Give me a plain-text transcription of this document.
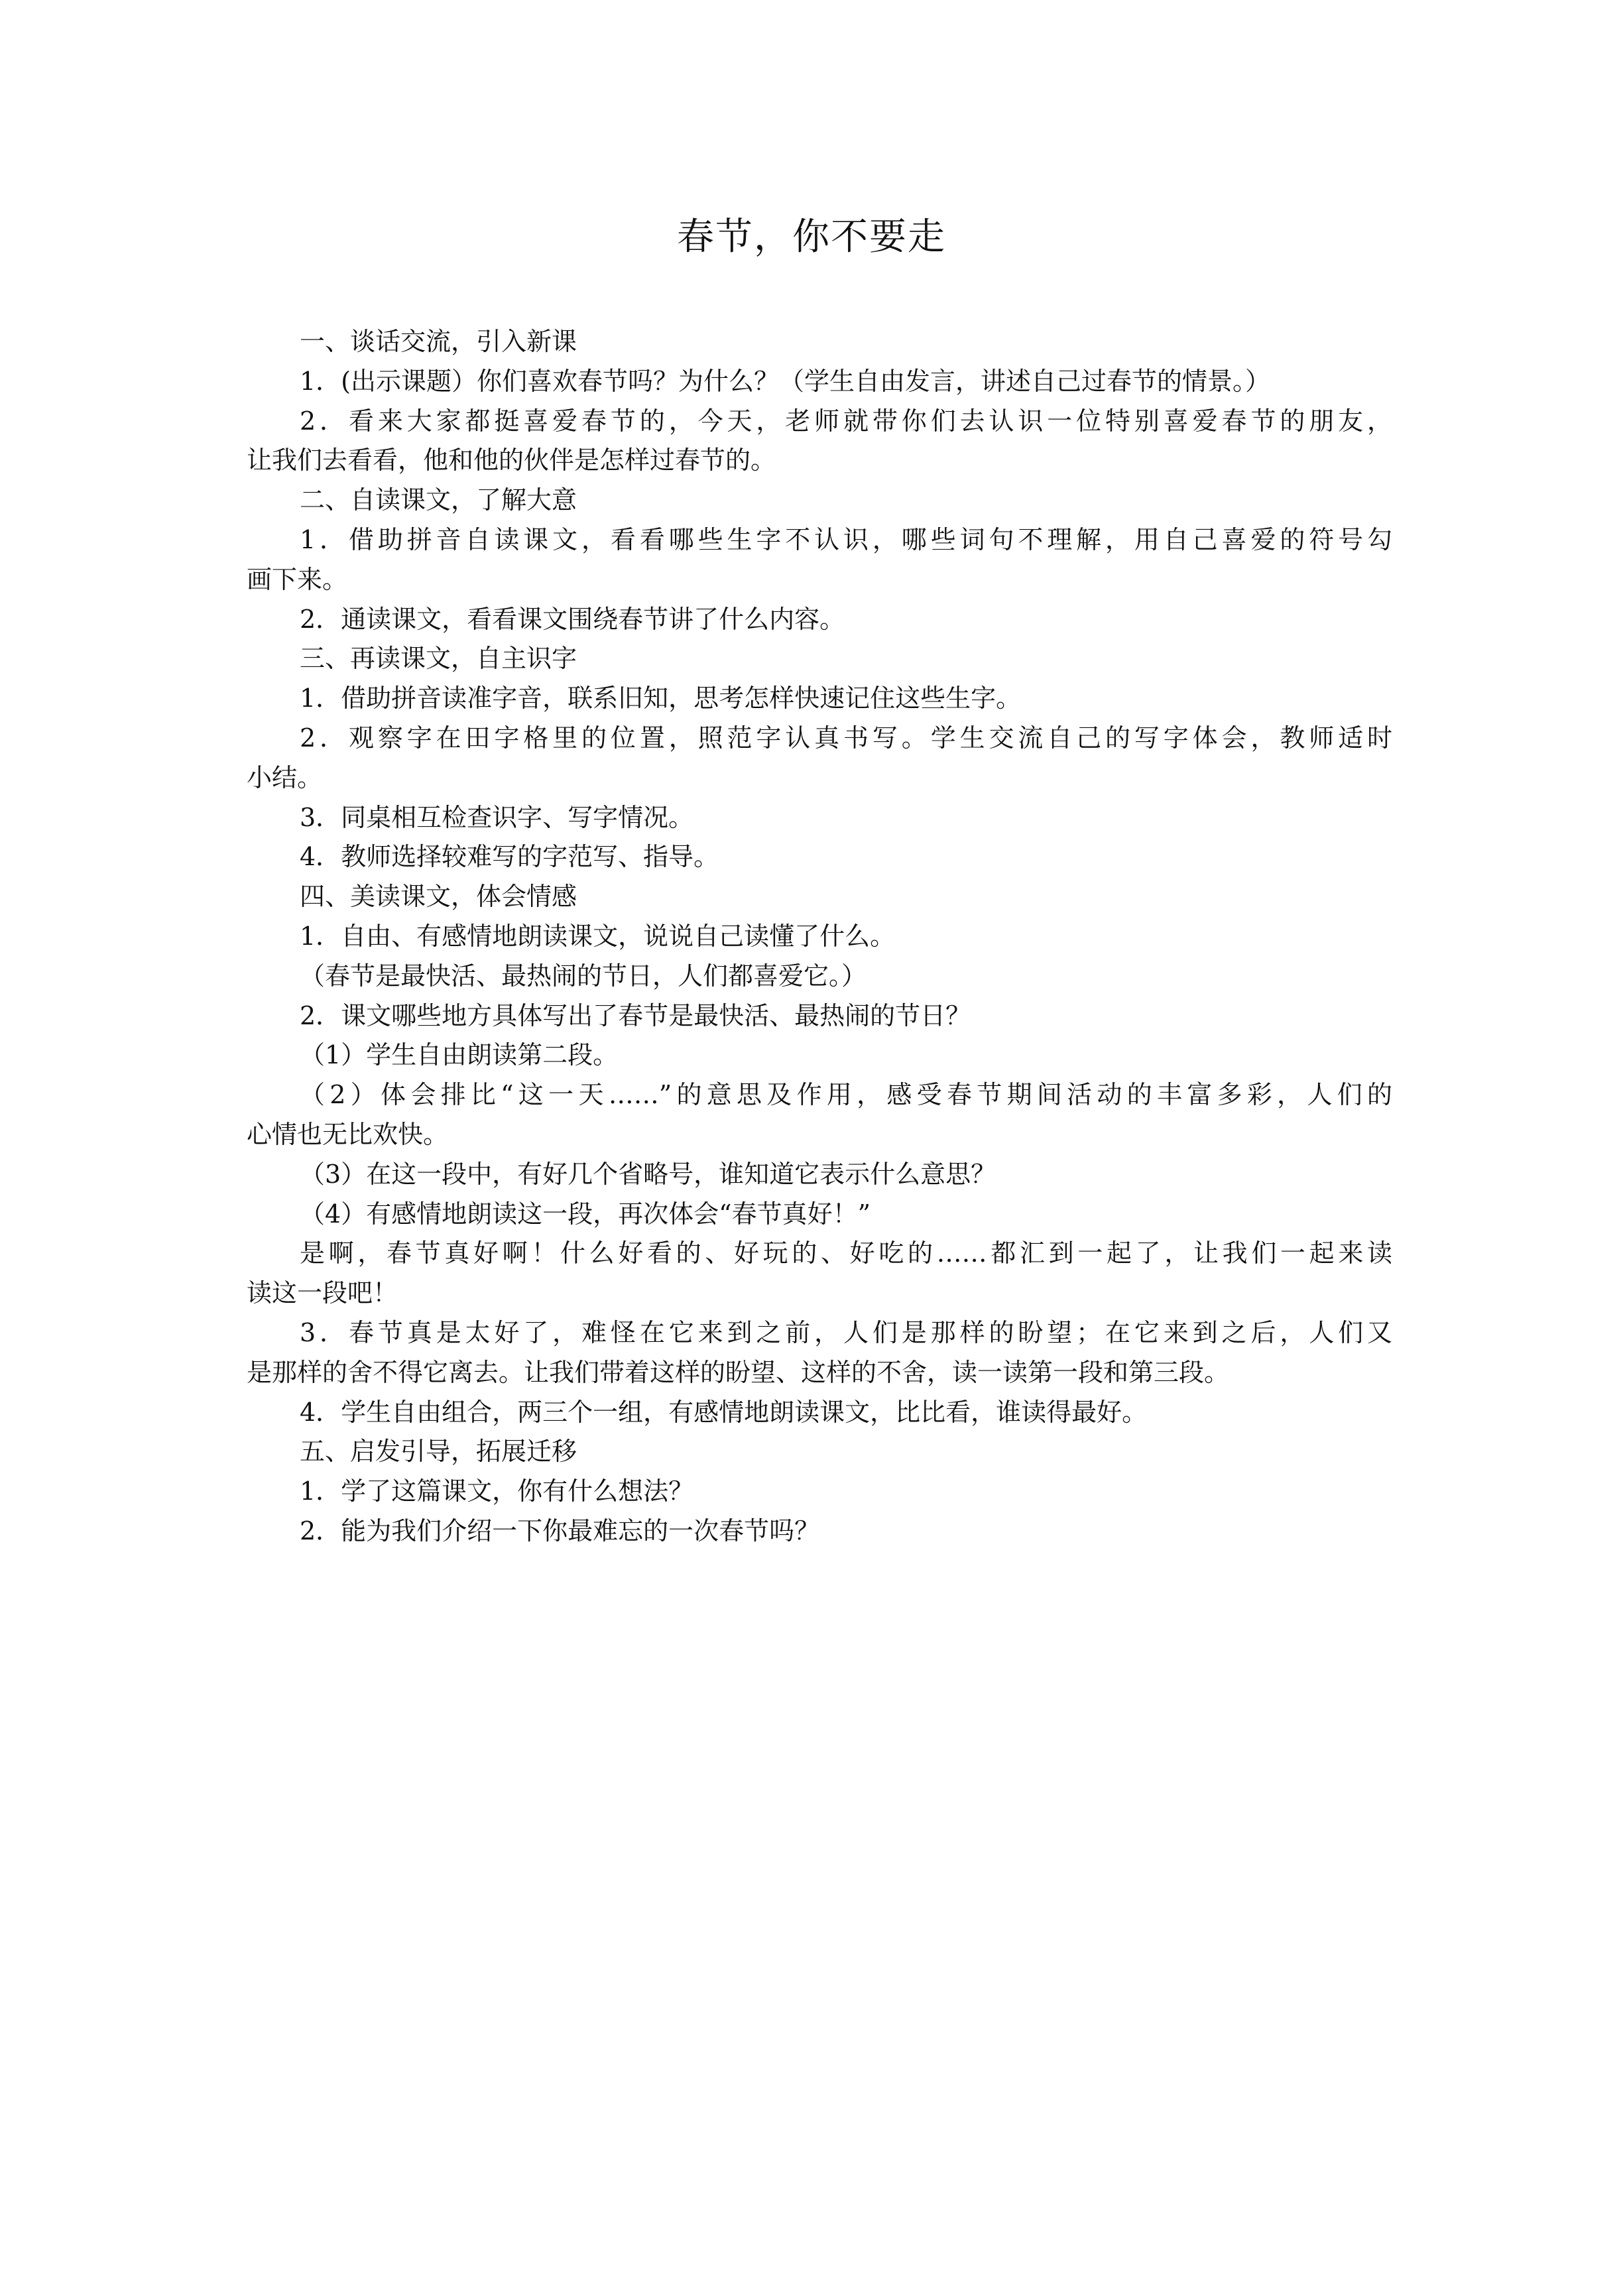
春节，你不要走
一、谈话交流，引入新课
1．(出示课题）你们喜欢春节吗？为什么？（学生自由发言，讲述自己过春节的情景。）
2．看来大家都挺喜爱春节的，今天，老师就带你们去认识一位特别喜爱春节的朋友，
让我们去看看，他和他的伙伴是怎样过春节的。
二、自读课文，了解大意
1．借助拼音自读课文，看看哪些生字不认识，哪些词句不理解，用自己喜爱的符号勾
画下来。
2．通读课文，看看课文围绕春节讲了什么内容。
三、再读课文，自主识字
1．借助拼音读准字音，联系旧知，思考怎样快速记住这些生字。
2．观察字在田字格里的位置，照范字认真书写。学生交流自己的写字体会，教师适时
小结。
3．同桌相互检查识字、写字情况。
4．教师选择较难写的字范写、指导。
四、美读课文，体会情感
1．自由、有感情地朗读课文，说说自己读懂了什么。
（春节是最快活、最热闹的节日，人们都喜爱它。）
2．课文哪些地方具体写出了春节是最快活、最热闹的节日？
（1）学生自由朗读第二段。
（2）体会排比“这一天……”的意思及作用，感受春节期间活动的丰富多彩，人们的
心情也无比欢快。
（3）在这一段中，有好几个省略号，谁知道它表示什么意思？
（4）有感情地朗读这一段，再次体会“春节真好！”
是啊，春节真好啊！什么好看的、好玩的、好吃的……都汇到一起了，让我们一起来读
读这一段吧！
3．春节真是太好了，难怪在它来到之前，人们是那样的盼望；在它来到之后，人们又
是那样的舍不得它离去。让我们带着这样的盼望、这样的不舍，读一读第一段和第三段。
4．学生自由组合，两三个一组，有感情地朗读课文，比比看，谁读得最好。
五、启发引导，拓展迁移
1．学了这篇课文，你有什么想法？
2．能为我们介绍一下你最难忘的一次春节吗？
